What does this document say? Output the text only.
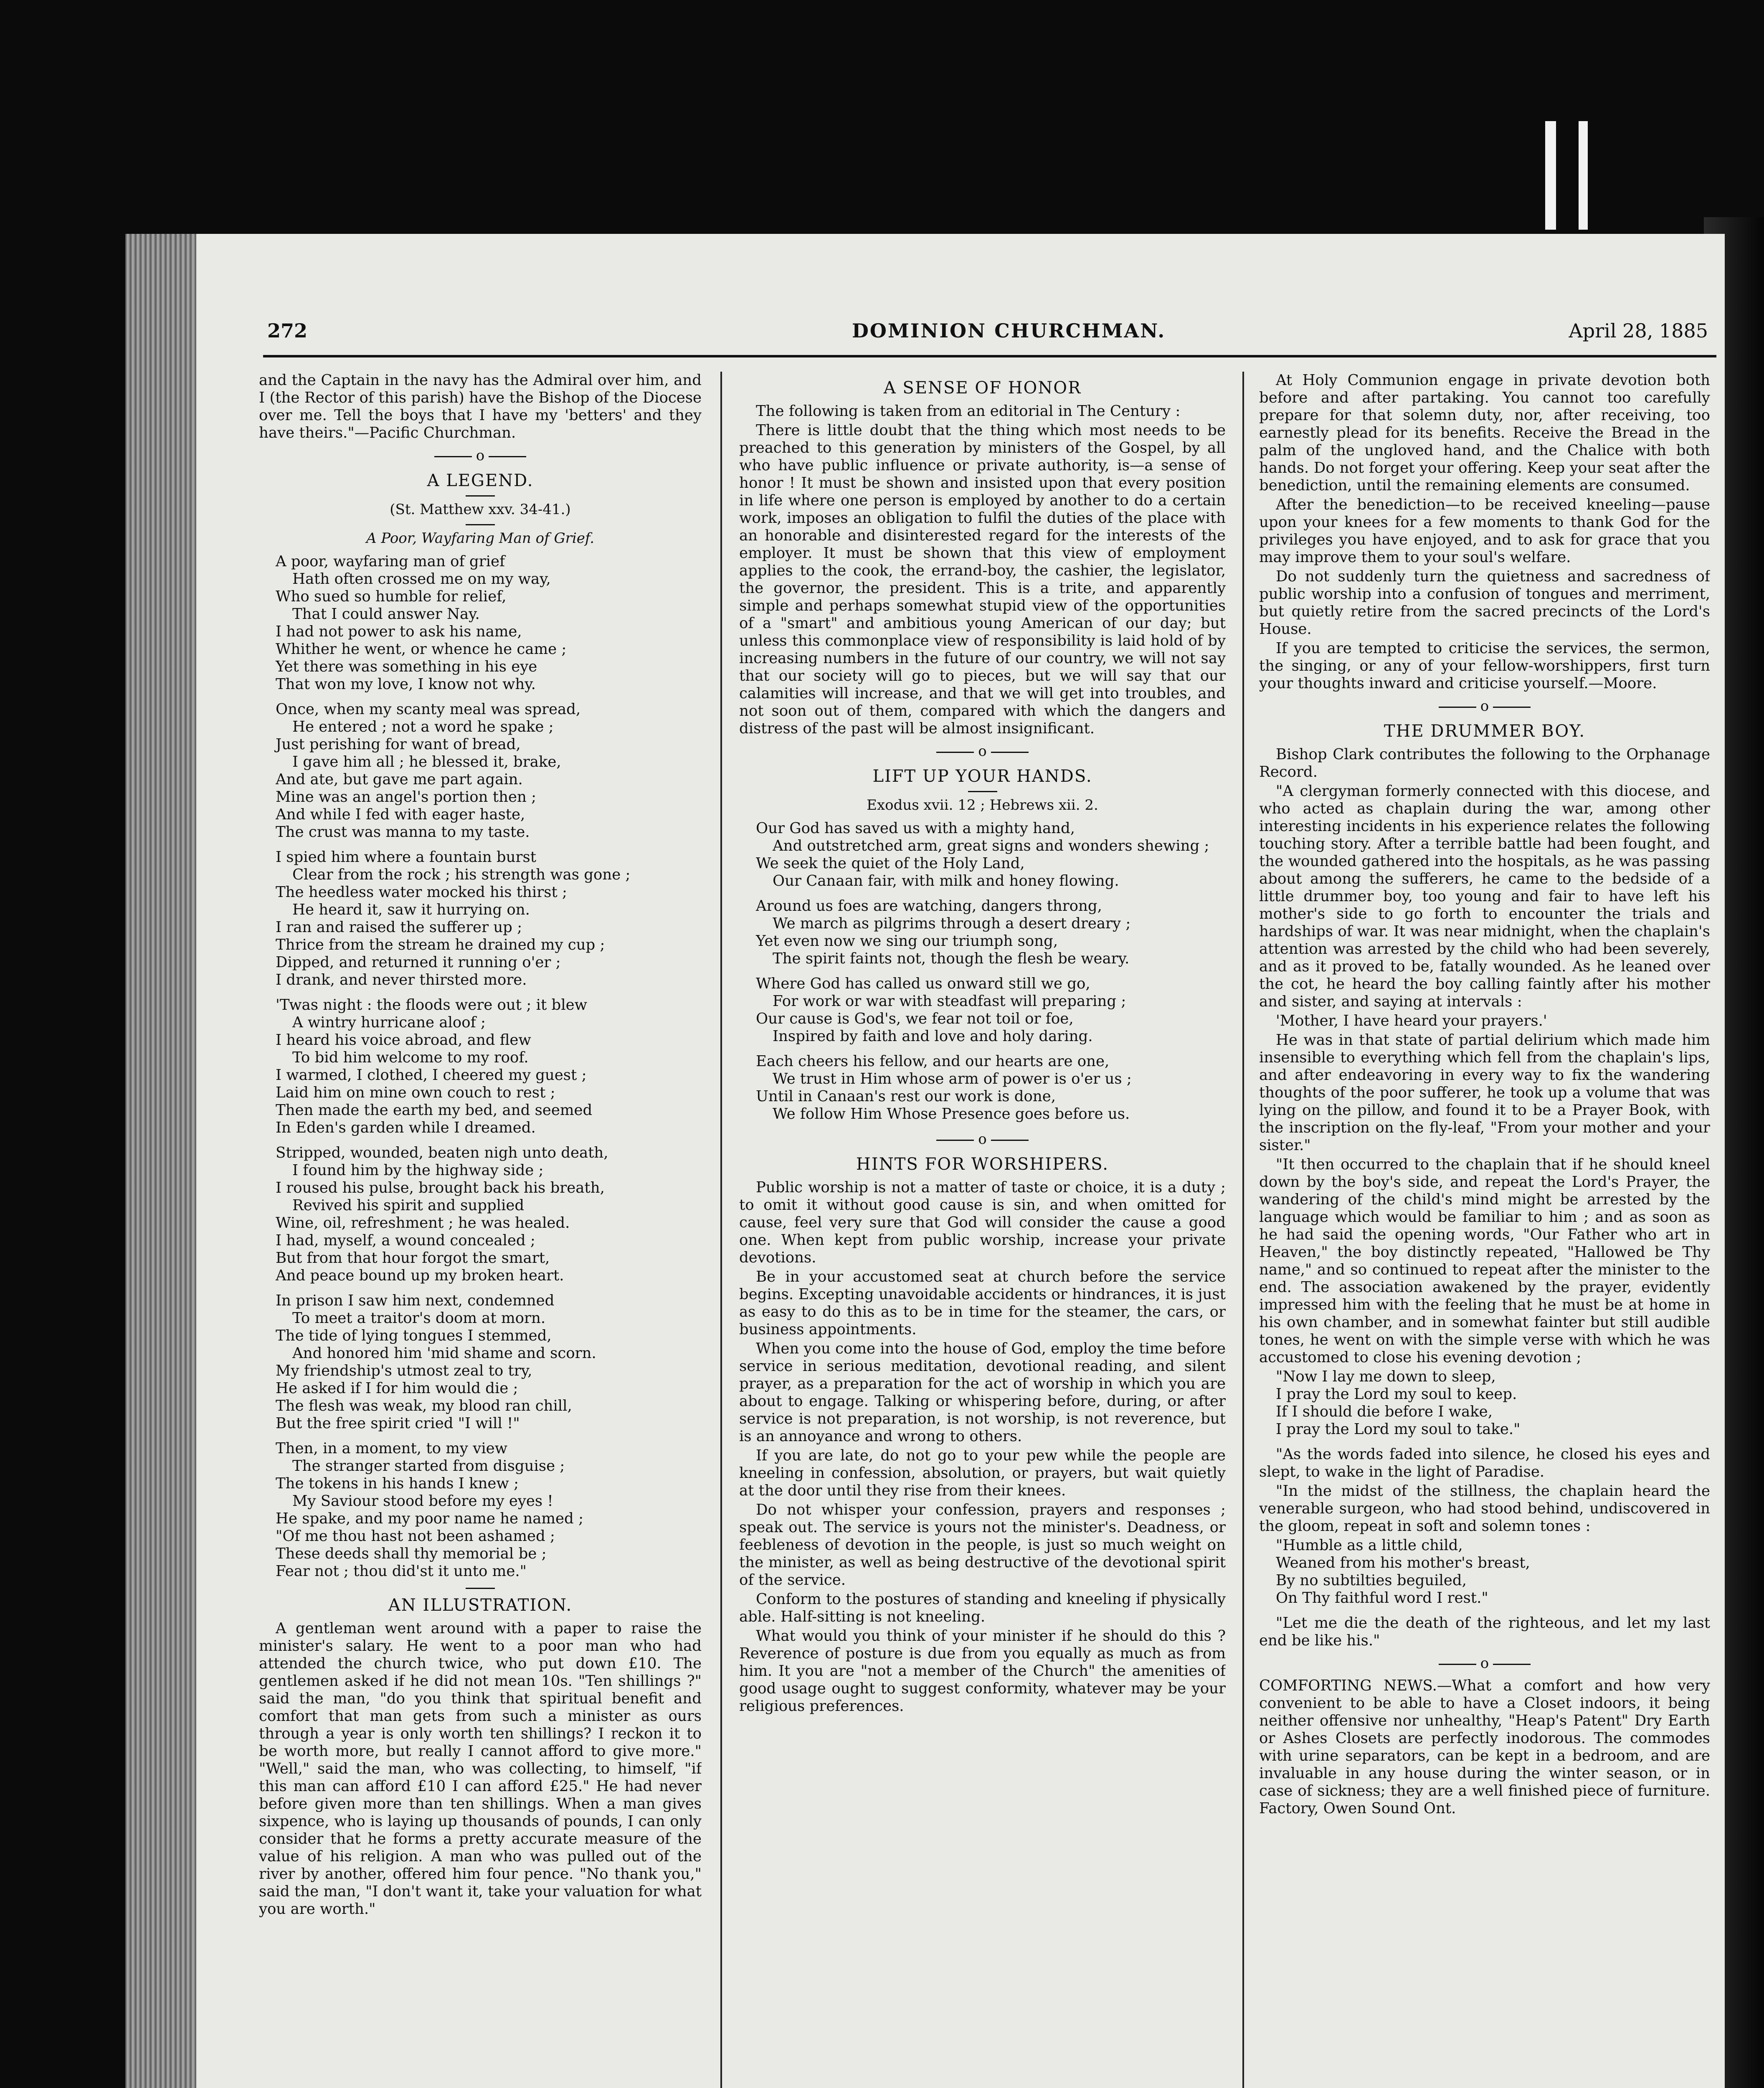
272	DOMINION CHURCHMAN.	April 28, 1885

and the Captain in the navy has the Admiral over him, and I (the Rector of this parish) have the Bishop of the Diocese over me. Tell the boys that I have my 'betters' and they have theirs."—Pacific Churchman.

o
A LEGEND.
(St. Matthew xxv. 34-41.)
A Poor, Wayfaring Man of Grief.
A poor, wayfaring man of grief
Hath often crossed me on my way,
Who sued so humble for relief,
That I could answer Nay.
I had not power to ask his name,
Whither he went, or whence he came ;
Yet there was something in his eye
That won my love, I know not why.
Once, when my scanty meal was spread,
He entered ; not a word he spake ;
Just perishing for want of bread,
I gave him all ; he blessed it, brake,
And ate, but gave me part again.
Mine was an angel's portion then ;
And while I fed with eager haste,
The crust was manna to my taste.
I spied him where a fountain burst
Clear from the rock ; his strength was gone ;
The heedless water mocked his thirst ;
He heard it, saw it hurrying on.
I ran and raised the sufferer up ;
Thrice from the stream he drained my cup ;
Dipped, and returned it running o'er ;
I drank, and never thirsted more.
'Twas night : the floods were out ; it blew
A wintry hurricane aloof ;
I heard his voice abroad, and flew
To bid him welcome to my roof.
I warmed, I clothed, I cheered my guest ;
Laid him on mine own couch to rest ;
Then made the earth my bed, and seemed
In Eden's garden while I dreamed.
Stripped, wounded, beaten nigh unto death,
I found him by the highway side ;
I roused his pulse, brought back his breath,
Revived his spirit and supplied
Wine, oil, refreshment ; he was healed.
I had, myself, a wound concealed ;
But from that hour forgot the smart,
And peace bound up my broken heart.
In prison I saw him next, condemned
To meet a traitor's doom at morn.
The tide of lying tongues I stemmed,
And honored him 'mid shame and scorn.
My friendship's utmost zeal to try,
He asked if I for him would die ;
The flesh was weak, my blood ran chill,
But the free spirit cried "I will !"
Then, in a moment, to my view
The stranger started from disguise ;
The tokens in his hands I knew ;
My Saviour stood before my eyes !
He spake, and my poor name he named ;
"Of me thou hast not been ashamed ;
These deeds shall thy memorial be ;
Fear not ; thou did'st it unto me."
AN ILLUSTRATION.

A gentleman went around with a paper to raise the minister's salary. He went to a poor man who had attended the church twice, who put down £10. The gentlemen asked if he did not mean 10s. "Ten shillings ?" said the man, "do you think that spiritual benefit and comfort that man gets from such a minister as ours through a year is only worth ten shillings? I reckon it to be worth more, but really I cannot afford to give more." "Well," said the man, who was collecting, to himself, "if this man can afford £10 I can afford £25." He had never before given more than ten shillings. When a man gives sixpence, who is laying up thousands of pounds, I can only consider that he forms a pretty accurate measure of the value of his religion. A man who was pulled out of the river by another, offered him four pence. "No thank you," said the man, "I don't want it, take your valuation for what you are worth."

A SENSE OF HONOR

The following is taken from an editorial in The Century :

There is little doubt that the thing which most needs to be preached to this generation by ministers of the Gospel, by all who have public influence or private authority, is—a sense of honor ! It must be shown and insisted upon that every position in life where one person is employed by another to do a certain work, imposes an obligation to fulfil the duties of the place with an honorable and disinterested regard for the interests of the employer. It must be shown that this view of employment applies to the cook, the errand-boy, the cashier, the legislator, the governor, the president. This is a trite, and apparently simple and perhaps somewhat stupid view of the opportunities of a "smart" and ambitious young American of our day; but unless this commonplace view of responsibility is laid hold of by increasing numbers in the future of our country, we will not say that our society will go to pieces, but we will say that our calamities will increase, and that we will get into troubles, and not soon out of them, compared with which the dangers and distress of the past will be almost insignificant.

o
LIFT UP YOUR HANDS.
Exodus xvii. 12 ; Hebrews xii. 2.
Our God has saved us with a mighty hand,
And outstretched arm, great signs and wonders shewing ;
We seek the quiet of the Holy Land,
Our Canaan fair, with milk and honey flowing.
Around us foes are watching, dangers throng,
We march as pilgrims through a desert dreary ;
Yet even now we sing our triumph song,
The spirit faints not, though the flesh be weary.
Where God has called us onward still we go,
For work or war with steadfast will preparing ;
Our cause is God's, we fear not toil or foe,
Inspired by faith and love and holy daring.
Each cheers his fellow, and our hearts are one,
We trust in Him whose arm of power is o'er us ;
Until in Canaan's rest our work is done,
We follow Him Whose Presence goes before us.
o
HINTS FOR WORSHIPERS.

Public worship is not a matter of taste or choice, it is a duty ; to omit it without good cause is sin, and when omitted for cause, feel very sure that God will consider the cause a good one. When kept from public worship, increase your private devotions.

Be in your accustomed seat at church before the service begins. Excepting unavoidable accidents or hindrances, it is just as easy to do this as to be in time for the steamer, the cars, or business appointments.

When you come into the house of God, employ the time before service in serious meditation, devotional reading, and silent prayer, as a preparation for the act of worship in which you are about to engage. Talking or whispering before, during, or after service is not preparation, is not worship, is not reverence, but is an annoyance and wrong to others.

If you are late, do not go to your pew while the people are kneeling in confession, absolution, or prayers, but wait quietly at the door until they rise from their knees.

Do not whisper your confession, prayers and responses ; speak out. The service is yours not the minister's. Deadness, or feebleness of devotion in the people, is just so much weight on the minister, as well as being destructive of the devotional spirit of the service.

Conform to the postures of standing and kneeling if physically able. Half-sitting is not kneeling.

What would you think of your minister if he should do this ? Reverence of posture is due from you equally as much as from him. It you are "not a member of the Church" the amenities of good usage ought to suggest conformity, whatever may be your religious preferences.

At Holy Communion engage in private devotion both before and after partaking. You cannot too carefully prepare for that solemn duty, nor, after receiving, too earnestly plead for its benefits. Receive the Bread in the palm of the ungloved hand, and the Chalice with both hands. Do not forget your offering. Keep your seat after the benediction, until the remaining elements are consumed.

After the benediction—to be received kneeling—pause upon your knees for a few moments to thank God for the privileges you have enjoyed, and to ask for grace that you may improve them to your soul's welfare.

Do not suddenly turn the quietness and sacredness of public worship into a confusion of tongues and merriment, but quietly retire from the sacred precincts of the Lord's House.

If you are tempted to criticise the services, the sermon, the singing, or any of your fellow-worshippers, first turn your thoughts inward and criticise yourself.—Moore.

o
THE DRUMMER BOY.

Bishop Clark contributes the following to the Orphanage Record.

"A clergyman formerly connected with this diocese, and who acted as chaplain during the war, among other interesting incidents in his experience relates the following touching story. After a terrible battle had been fought, and the wounded gathered into the hospitals, as he was passing about among the sufferers, he came to the bedside of a little drummer boy, too young and fair to have left his mother's side to go forth to encounter the trials and hardships of war. It was near midnight, when the chaplain's attention was arrested by the child who had been severely, and as it proved to be, fatally wounded. As he leaned over the cot, he heard the boy calling faintly after his mother and sister, and saying at intervals :

'Mother, I have heard your prayers.'

He was in that state of partial delirium which made him insensible to everything which fell from the chaplain's lips, and after endeavoring in every way to fix the wandering thoughts of the poor sufferer, he took up a volume that was lying on the pillow, and found it to be a Prayer Book, with the inscription on the fly-leaf, "From your mother and your sister."

"It then occurred to the chaplain that if he should kneel down by the boy's side, and repeat the Lord's Prayer, the wandering of the child's mind might be arrested by the language which would be familiar to him ; and as soon as he had said the opening words, "Our Father who art in Heaven," the boy distinctly repeated, "Hallowed be Thy name," and so continued to repeat after the minister to the end. The association awakened by the prayer, evidently impressed him with the feeling that he must be at home in his own chamber, and in somewhat fainter but still audible tones, he went on with the simple verse with which he was accustomed to close his evening devotion ;

"Now I lay me down to sleep,
I pray the Lord my soul to keep.
If I should die before I wake,
I pray the Lord my soul to take."

"As the words faded into silence, he closed his eyes and slept, to wake in the light of Paradise.

"In the midst of the stillness, the chaplain heard the venerable surgeon, who had stood behind, undiscovered in the gloom, repeat in soft and solemn tones :

"Humble as a little child,
Weaned from his mother's breast,
By no subtilties beguiled,
On Thy faithful word I rest."

"Let me die the death of the righteous, and let my last end be like his."

o

COMFORTING NEWS.—What a comfort and how very convenient to be able to have a Closet indoors, it being neither offensive nor unhealthy, "Heap's Patent" Dry Earth or Ashes Closets are perfectly inodorous. The commodes with urine separators, can be kept in a bedroom, and are invaluable in any house during the winter season, or in case of sickness; they are a well finished piece of furniture. Factory, Owen Sound Ont.
